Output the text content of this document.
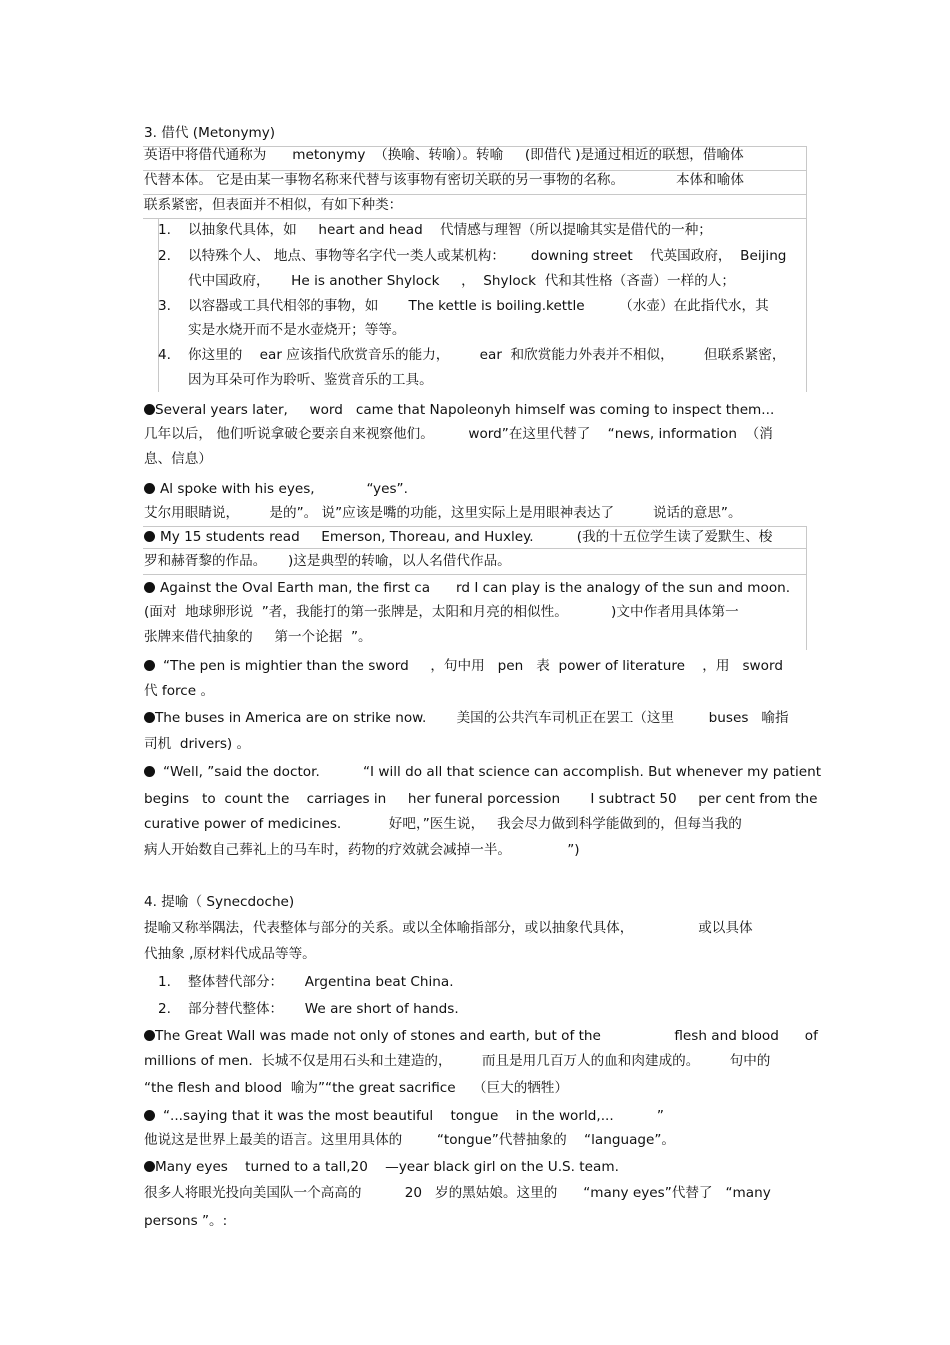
3. 借代 (Metonymy)
英语中将借代通称为      metonymy  （换喻、转喻）。转喻     (即借代 )是通过相近的联想，借喻体
代替本体。 它是由某一事物名称来代替与该事物有密切关联的另一事物的名称。            本体和喻体
联系紧密，但表面并不相似，有如下种类：
1. 以抽象代具体，如     heart and head    代情感与理智（所以提喻其实是借代的一种；
2. 以特殊个人、 地点、事物等名字代一类人或某机构：      downing street    代英国政府，  Beijing
代中国政府，     He is another Shylock     ，  Shylock  代和其性格（吝啬）一样的人；
3. 以容器或工具代相邻的事物，如       The kettle is boiling.kettle        （水壶）在此指代水，其
实是水烧开而不是水壶烧开；等等。
4. 你这里的    ear 应该指代欣赏音乐的能力，       ear  和欣赏能力外表并不相似，       但联系紧密，
因为耳朵可作为聆听、鉴赏音乐的工具。
Several years later,     word   came that Napoleonyh himself was coming to inspect them...
几年以后， 他们听说拿破仑要亲自来视察他们。        word”在这里代替了    “news, information  （消
息、信息）
Al spoke with his eyes,            “yes”.
艾尔用眼睛说，       是的”。 说”应该是嘴的功能，这里实际上是用眼神表达了         说话的意思”。
My 15 students read     Emerson, Thoreau, and Huxley.          (我的十五位学生读了爱默生、梭
罗和赫胥黎的作品。     )这是典型的转喻，以人名借代作品。
Against the Oval Earth man, the first ca      rd I can play is the analogy of the sun and moon.
(面对  地球卵形说  ”者，我能打的第一张牌是，太阳和月亮的相似性。          )文中作者用具体第一
张牌来借代抽象的     第一个论据  ”。
“The pen is mightier than the sword     ，句中用   pen   表  power of literature    ，用   sword
代 force 。
The buses in America are on strike now.       美国的公共汽车司机正在罢工（这里        buses   喻指
司机  drivers) 。
“Well, ”said the doctor.          “I will do all that science can accomplish. But whenever my patient
begins   to  count the    carriages in     her funeral porcession       I subtract 50     per cent from the
curative power of medicines.           好吧，”医生说，   我会尽力做到科学能做到的，但每当我的
病人开始数自己葬礼上的马车时，药物的疗效就会减掉一半。             ”)
4. 提喻（ Synecdoche)
提喻又称举隅法，代表整体与部分的关系。或以全体喻指部分，或以抽象代具体，               或以具体
代抽象 ,原材料代成品等等。
1. 整体替代部分：     Argentina beat China.
2. 部分替代整体：     We are short of hands.
The Great Wall was made not only of stones and earth, but of the                 flesh and blood      of
millions of men.  长城不仅是用石头和土建造的，       而且是用几百万人的血和肉建成的。       句中的
“the flesh and blood  喻为”“the great sacrifice    （巨大的牺牲）
“...saying that it was the most beautiful    tongue    in the world,...          ”
他说这是世界上最美的语言。这里用具体的        “tongue”代替抽象的    “language”。
Many eyes    turned to a tall,20    —year black girl on the U.S. team.
很多人将眼光投向美国队一个高高的          20   岁的黑姑娘。这里的      “many eyes”代替了   “many
persons ”。:
